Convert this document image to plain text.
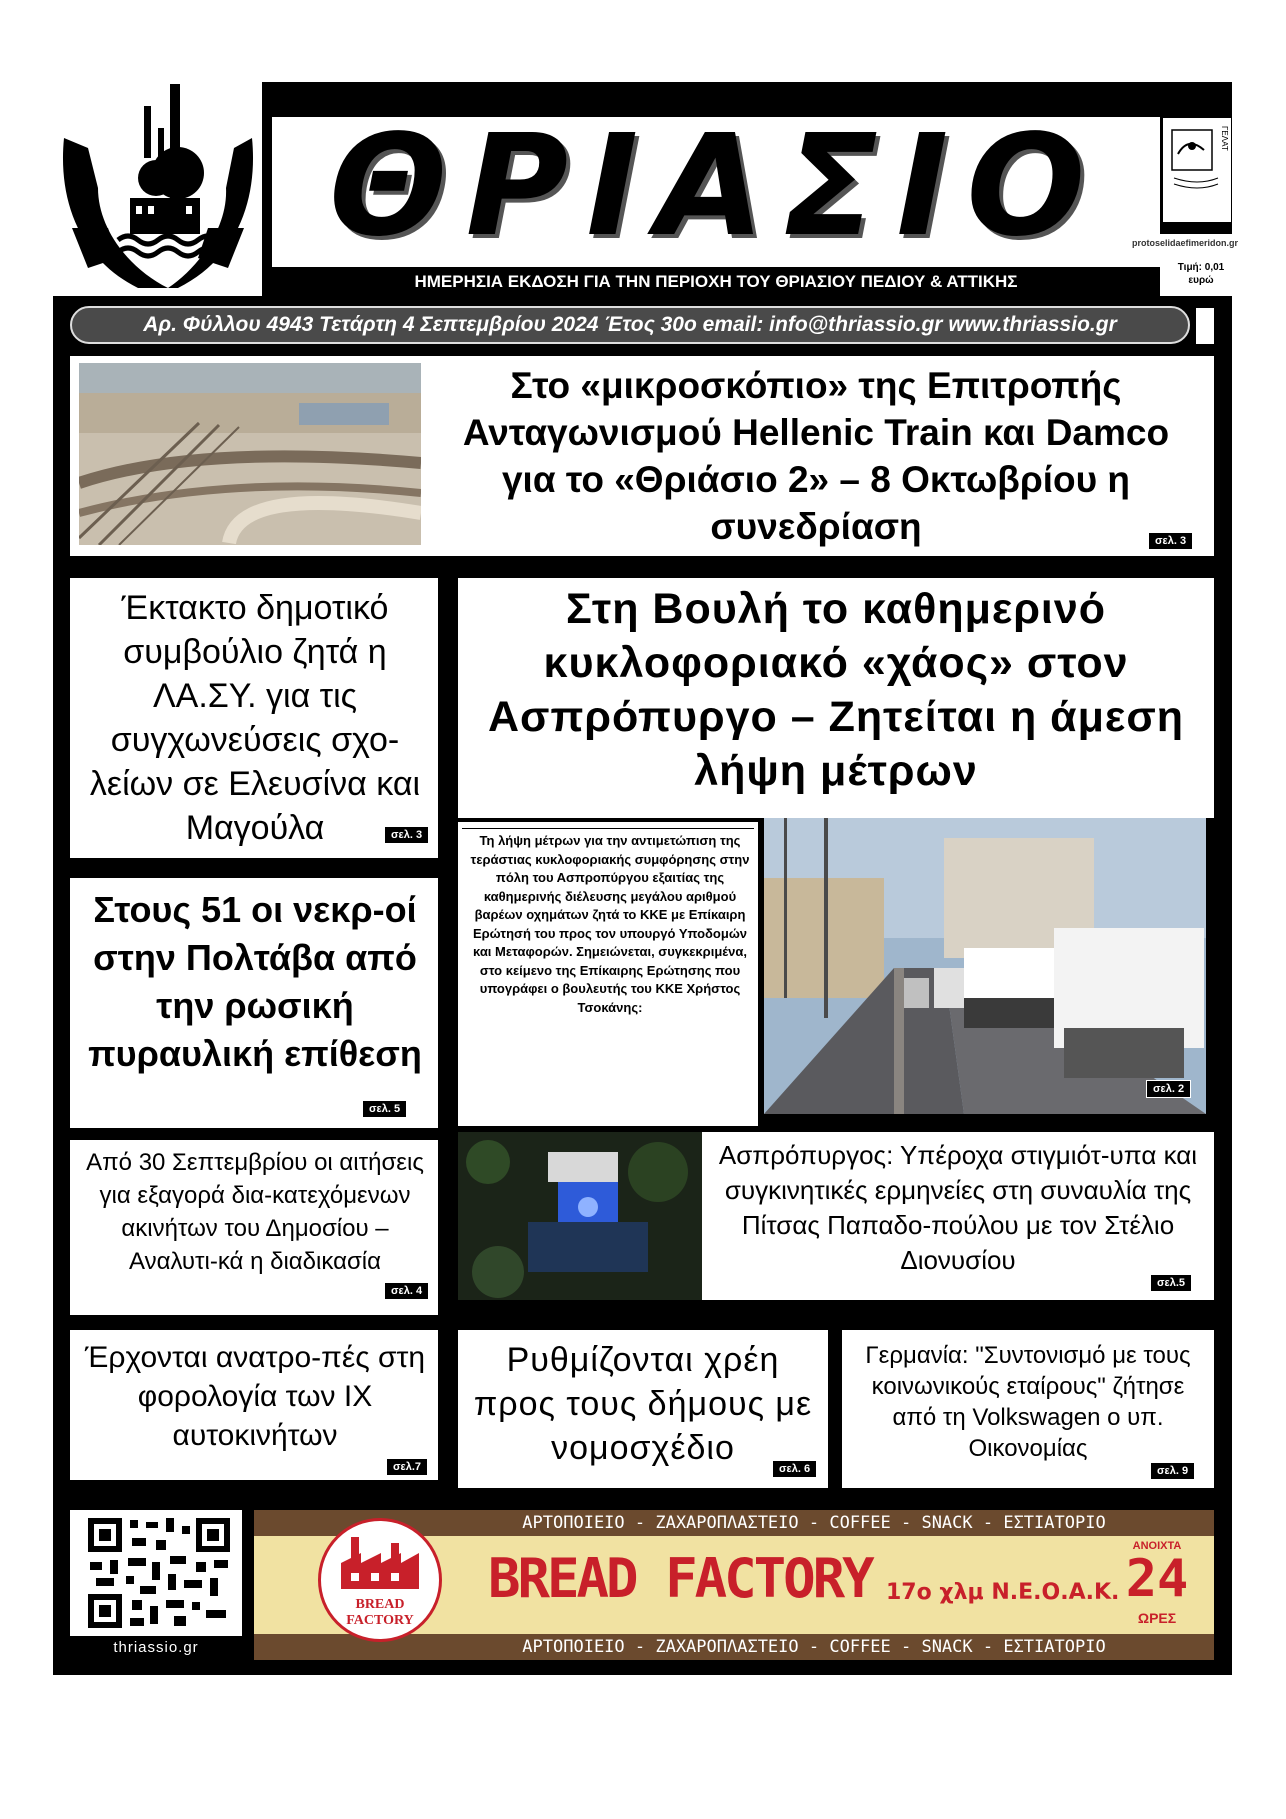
ΘΡΙΑΣΙΟ	ΓΕΛΑΤ
protoselidaefimeridon.gr
Τιμή: 0,01
ευρώ
ΗΜΕΡΗΣΙΑ ΕΚΔΟΣΗ ΓΙΑ ΤΗΝ ΠΕΡΙΟΧΗ ΤΟΥ ΘΡΙΑΣΙΟΥ ΠΕΔΙΟΥ & ΑΤΤΙΚΗΣ
Αρ. Φύλλου 4943 Τετάρτη 4 Σεπτεμβρίου 2024 Έτος 30ο email: info@thriassio.gr www.thriassio.gr
Στο «μικροσκόπιο» της Επιτροπής Ανταγωνισμού Hellenic Train και Damco για το «Θριάσιο 2» – 8 Οκτωβρίου η συνεδρίαση	σελ. 3
Έκτακτο δημοτικό συμβούλιο ζητά η ΛΑ.ΣΥ. για τις συγχωνεύσεις σχο-λείων σε Ελευσίνα και Μαγούλα	σελ. 3
Στους 51 οι νεκρ-οί στην Πολτάβα από την ρωσική πυραυλική επίθεση
σελ. 5
Από 30 Σεπτεμβρίου οι αιτήσεις για εξαγορά δια-κατεχόμενων ακινήτων του Δημοσίου – Αναλυτι-κά η διαδικασία
σελ. 4
Έρχονται ανατρο-πές στη φορολογία των ΙΧ αυτοκινήτων
σελ.7
Στη Βουλή το καθημερινό κυκλοφοριακό «χάος» στον Ασπρόπυργο – Ζητείται η άμεση λήψη μέτρων
Τη λήψη μέτρων για την αντιμετώπιση της τεράστιας κυκλοφοριακής συμφόρησης στην πόλη του Ασπροπύργου εξαιτίας της καθημερινής διέλευσης μεγάλου αριθμού βαρέων οχημάτων ζητά το ΚΚΕ με Επίκαιρη Ερώτησή του προς τον υπουργό Υποδομών και Μεταφορών. Σημειώνεται, συγκεκριμένα, στο κείμενο της Επίκαιρης Ερώτησης που υπογράφει ο βουλευτής του ΚΚΕ Χρήστος Τσοκάνης:
σελ. 2
Ασπρόπυργος: Υπέροχα στιγμιότ-υπα και συγκινητικές ερμηνείες στη συναυλία της Πίτσας Παπαδο-πούλου με τον Στέλιο Διονυσίου
σελ.5
Ρυθμίζονται χρέη προς τους δήμους με νομοσχέδιο
σελ. 6
Γερμανία: "Συντονισμό με τους κοινωνικούς εταίρους" ζήτησε από τη Volkswagen ο υπ. Οικονομίας
σελ. 9
thriassio.gr
ΑΡΤΟΠΟΙΕΙΟ - ΖΑΧΑΡΟΠΛΑΣΤΕΙΟ - COFFEE - SNACK - ΕΣΤΙΑΤΟΡΙΟ
ΑΡΤΟΠΟΙΕΙΟ - ΖΑΧΑΡΟΠΛΑΣΤΕΙΟ - COFFEE - SNACK - ΕΣΤΙΑΤΟΡΙΟ
BREAD
FACTORY
BREAD FACTORY 17ο χλμ Ν.Ε.Ο.Α.Κ.
ΑΝΟΙΧΤΑ
24
ΩΡΕΣ
